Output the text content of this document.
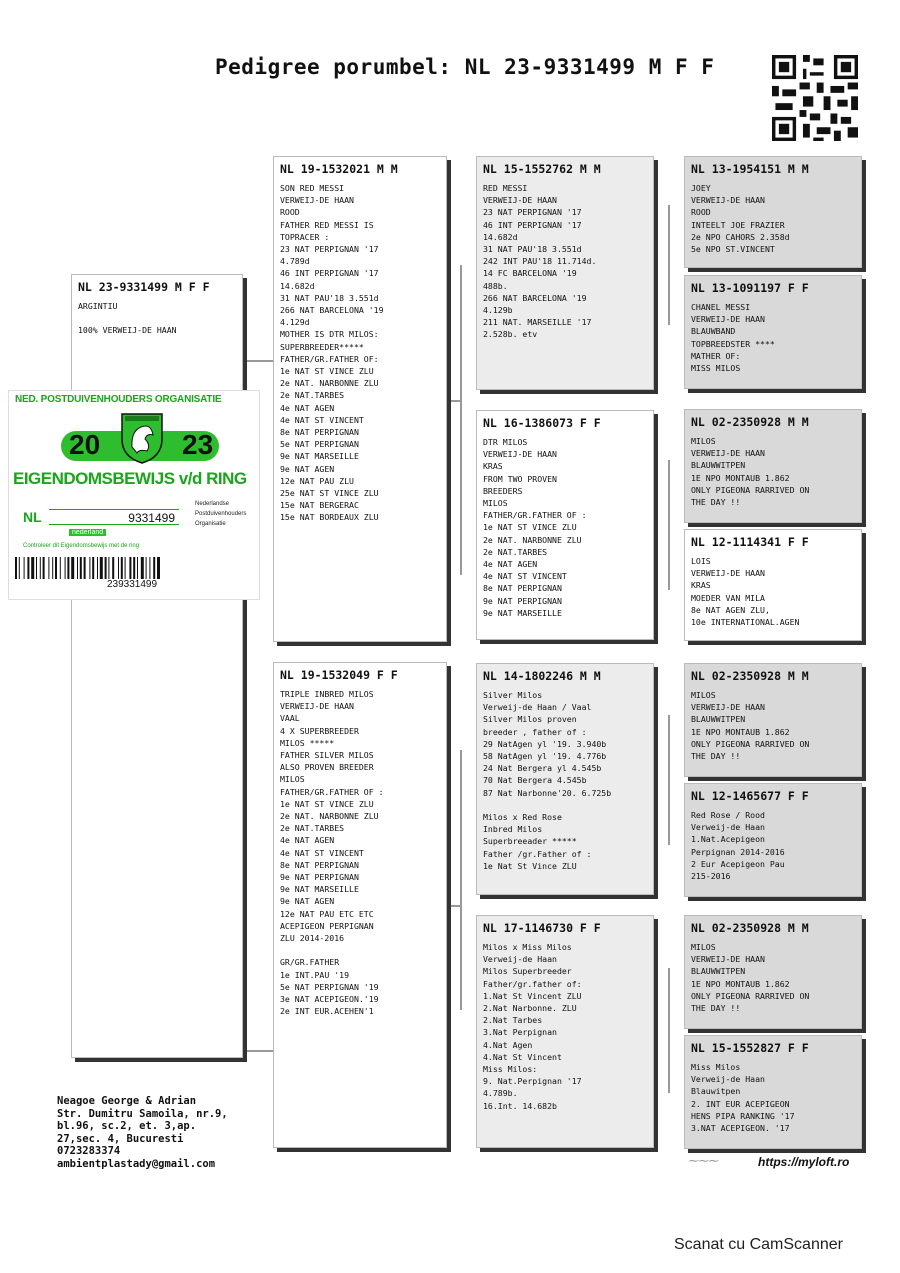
Pedigree porumbel: NL 23-9331499 M F F
NL 23-9331499 M F F
ARGINTIU

100% VERWEIJ-DE HAAN
NED. POSTDUIVENHOUDERS ORGANISATIE
20	23
EIGENDOMSBEWIJS v/d RING
NL	9331499
nederland
Controleer dit Eigendomsbewijs met de ring
Nederlandse Postduivenhouders Organisatie
239331499
NL 19-1532021 M M
SON RED MESSI
VERWEIJ-DE HAAN
ROOD
FATHER RED MESSI IS
TOPRACER :
23 NAT PERPIGNAN '17
4.789d
46 INT PERPIGNAN '17
14.682d
31 NAT PAU'18 3.551d
266 NAT BARCELONA '19
4.129d
MOTHER IS DTR MILOS:
SUPERBREEDER*****
FATHER/GR.FATHER OF:
1e NAT ST VINCE ZLU
2e NAT. NARBONNE ZLU
2e NAT.TARBES
4e NAT AGEN
4e NAT ST VINCENT
8e NAT PERPIGNAN
5e NAT PERPIGNAN
9e NAT MARSEILLE
9e NAT AGEN
12e NAT PAU ZLU
25e NAT ST VINCE ZLU
15e NAT BERGERAC
15e NAT BORDEAUX ZLU
NL 19-1532049 F F
TRIPLE INBRED MILOS
VERWEIJ-DE HAAN
VAAL
4 X SUPERBREEDER
MILOS *****
FATHER SILVER MILOS
ALSO PROVEN BREEDER
MILOS
FATHER/GR.FATHER OF :
1e NAT ST VINCE ZLU
2e NAT. NARBONNE ZLU
2e NAT.TARBES
4e NAT AGEN
4e NAT ST VINCENT
8e NAT PERPIGNAN
9e NAT PERPIGNAN
9e NAT MARSEILLE
9e NAT AGEN
12e NAT PAU ETC ETC
ACEPIGEON PERPIGNAN
ZLU 2014-2016

GR/GR.FATHER
1e INT.PAU '19
5e NAT PERPIGNAN '19
3e NAT ACEPIGEON.'19
2e INT EUR.ACEHEN'1
NL 15-1552762 M M
RED MESSI
VERWEIJ-DE HAAN
23 NAT PERPIGNAN '17
46 INT PERPIGNAN '17
14.682d
31 NAT PAU'18 3.551d
242 INT PAU'18 11.714d.
14 FC BARCELONA '19
488b.
266 NAT BARCELONA '19
4.129b
211 NAT. MARSEILLE '17
2.528b. etv
NL 16-1386073 F F
DTR MILOS
VERWEIJ-DE HAAN
KRAS
FROM TWO PROVEN
BREEDERS
MILOS
FATHER/GR.FATHER OF :
1e NAT ST VINCE ZLU
2e NAT. NARBONNE ZLU
2e NAT.TARBES
4e NAT AGEN
4e NAT ST VINCENT
8e NAT PERPIGNAN
9e NAT PERPIGNAN
9e NAT MARSEILLE
NL 14-1802246 M M
Silver Milos
Verweij-de Haan / Vaal
Silver Milos proven
breeder , father of :
29 NatAgen yl '19. 3.940b
58 NatAgen yl '19. 4.776b
24 Nat Bergera yl 4.545b
70 Nat Bergera 4.545b
87 Nat Narbonne'20. 6.725b

Milos x Red Rose
Inbred Milos
Superbreeader *****
Father /gr.Father of :
1e Nat St Vince ZLU
NL 17-1146730 F F
Milos x Miss Milos
Verweij-de Haan
Milos Superbreeder
Father/gr.father of:
1.Nat St Vincent ZLU
2.Nat Narbonne. ZLU
2.Nat Tarbes
3.Nat Perpignan
4.Nat Agen
4.Nat St Vincent
Miss Milos:
9. Nat.Perpignan '17
4.789b.
16.Int. 14.682b
NL 13-1954151 M M
JOEY
VERWEIJ-DE HAAN
ROOD
INTEELT JOE FRAZIER
2e NPO CAHORS 2.358d
5e NPO ST.VINCENT
NL 13-1091197 F F
CHANEL MESSI
VERWEIJ-DE HAAN
BLAUWBAND
TOPBREEDSTER ****
MATHER OF:
MISS MILOS
NL 02-2350928 M M
MILOS
VERWEIJ-DE HAAN
BLAUWWITPEN
1E NPO MONTAUB 1.862
ONLY PIGEONA RARRIVED ON
THE DAY !!
NL 12-1114341 F F
LOIS
VERWEIJ-DE HAAN
KRAS
MOEDER VAN MILA
8e NAT AGEN ZLU,
10e INTERNATIONAL.AGEN
NL 02-2350928 M M
MILOS
VERWEIJ-DE HAAN
BLAUWWITPEN
1E NPO MONTAUB 1.862
ONLY PIGEONA RARRIVED ON
THE DAY !!
NL 12-1465677 F F
Red Rose / Rood
Verweij-de Haan
1.Nat.Acepigeon
Perpignan 2014-2016
2 Eur Acepigeon Pau
215-2016
NL 02-2350928 M M
MILOS
VERWEIJ-DE HAAN
BLAUWWITPEN
1E NPO MONTAUB 1.862
ONLY PIGEONA RARRIVED ON
THE DAY !!
NL 15-1552827 F F
Miss Milos
Verweij-de Haan
Blauwitpen
2. INT EUR ACEPIGEON
HENS PIPA RANKING '17
3.NAT ACEPIGEON. '17
Neagoe George & Adrian
Str. Dumitru Samoila, nr.9,
bl.96, sc.2, et. 3,ap.
27,sec. 4, Bucuresti
0723283374
ambientplastady@gmail.com	⁓⁓⁓	https://myloft.ro
Scanat cu CamScanner
